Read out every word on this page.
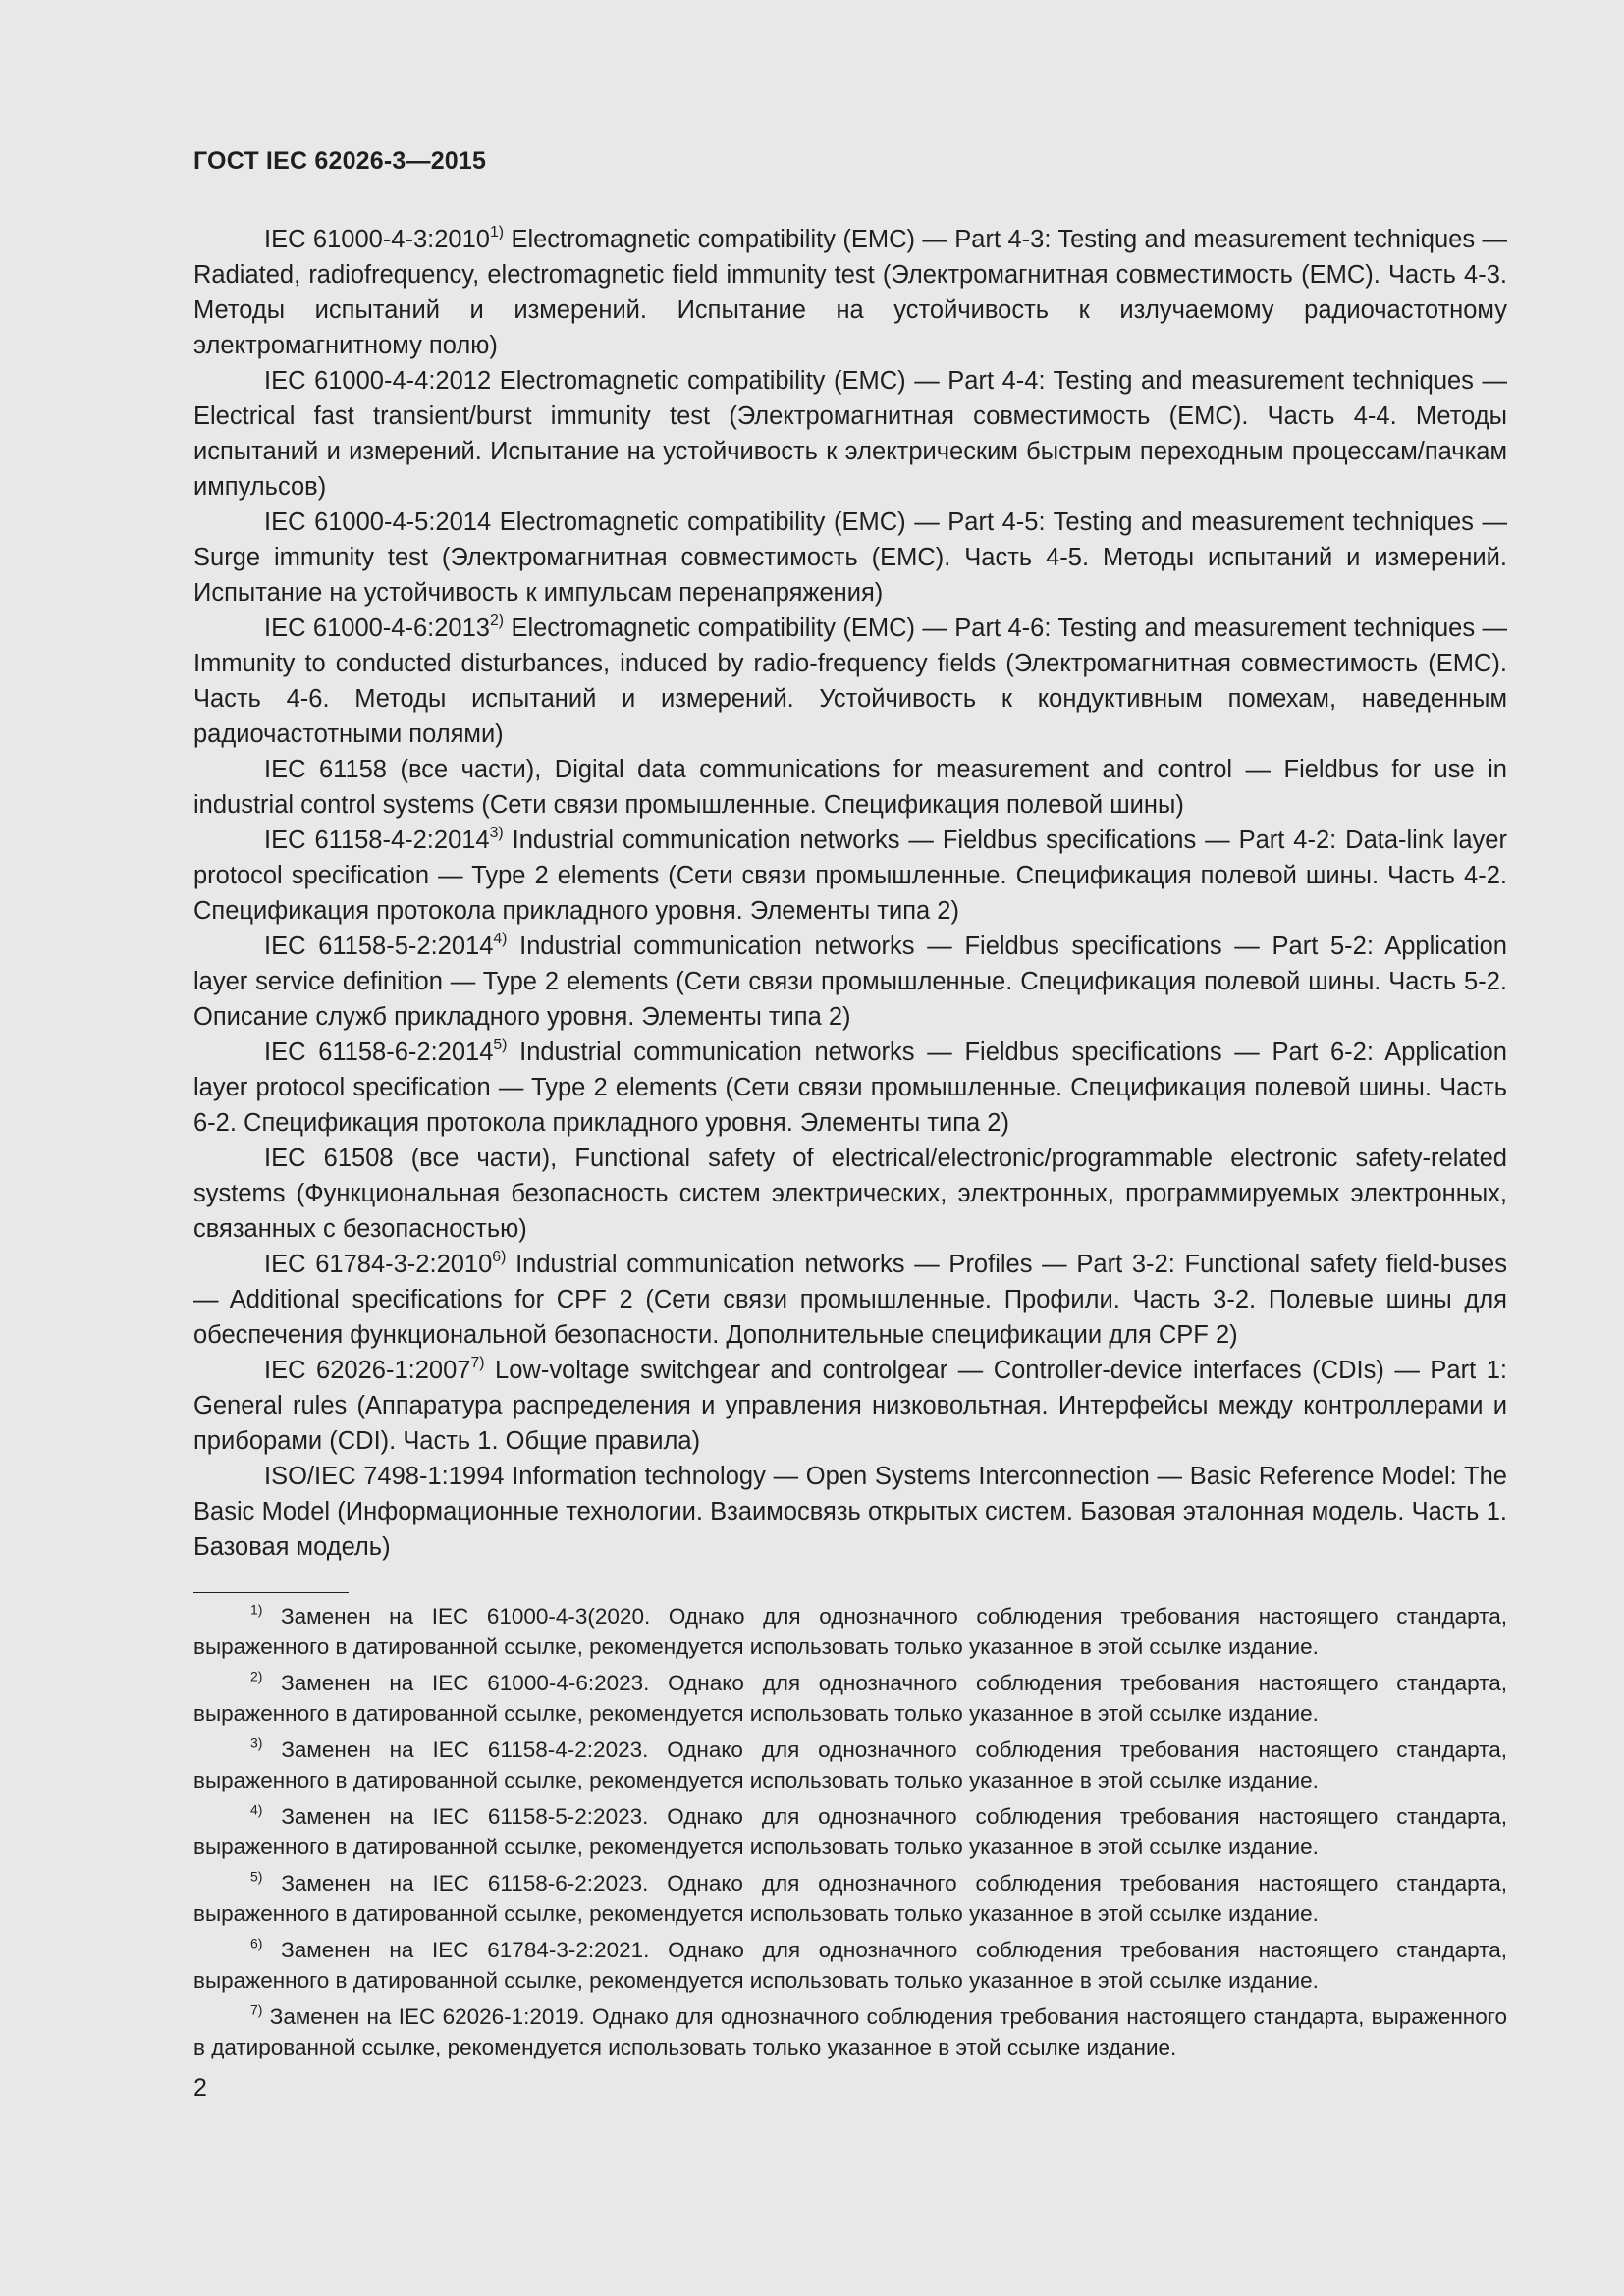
ГОСТ IEC 62026-3—2015

IEC 61000-4-3:2010$^{1)}$ Electromagnetic compatibility (EMC) — Part 4-3: Testing and measurement techniques — Radiated, radiofrequency, electromagnetic field immunity test (Электромагнитная совместимость (ЕМС). Часть 4-3. Методы испытаний и измерений. Испытание на устойчивость к излучаемому радиочастотному электромагнитному полю)

IEC 61000-4-4:2012 Electromagnetic compatibility (EMC) — Part 4-4: Testing and measurement techniques — Electrical fast transient/burst immunity test (Электромагнитная совместимость (ЕМС). Часть 4-4. Методы испытаний и измерений. Испытание на устойчивость к электрическим быстрым переходным процессам/пачкам импульсов)

IEC 61000-4-5:2014 Electromagnetic compatibility (EMC) — Part 4-5: Testing and measurement techniques — Surge immunity test (Электромагнитная совместимость (ЕМС). Часть 4-5. Методы испытаний и измерений. Испытание на устойчивость к импульсам перенапряжения)

IEC 61000-4-6:2013$^{2)}$ Electromagnetic compatibility (EMC) — Part 4-6: Testing and measurement techniques — Immunity to conducted disturbances, induced by radio-frequency fields (Электромагнитная совместимость (ЕМС). Часть 4-6. Методы испытаний и измерений. Устойчивость к кондуктивным помехам, наведенным радиочастотными полями)

IEC 61158 (все части), Digital data communications for measurement and control — Fieldbus for use in industrial control systems (Сети связи промышленные. Спецификация полевой шины)

IEC 61158-4-2:2014$^{3)}$ Industrial communication networks — Fieldbus specifications — Part 4-2: Data-link layer protocol specification — Type 2 elements (Сети связи промышленные. Спецификация полевой шины. Часть 4-2. Спецификация протокола прикладного уровня. Элементы типа 2)

IEC 61158-5-2:2014$^{4)}$ Industrial communication networks — Fieldbus specifications — Part 5-2: Application layer service definition — Type 2 elements (Сети связи промышленные. Спецификация полевой шины. Часть 5-2. Описание служб прикладного уровня. Элементы типа 2)

IEC 61158-6-2:2014$^{5)}$ Industrial communication networks — Fieldbus specifications — Part 6-2: Application layer protocol specification — Type 2 elements (Сети связи промышленные. Спецификация полевой шины. Часть 6-2. Спецификация протокола прикладного уровня. Элементы типа 2)

IEC 61508 (все части), Functional safety of electrical/electronic/programmable electronic safety-related systems (Функциональная безопасность систем электрических, электронных, программируемых электронных, связанных с безопасностью)

IEC 61784-3-2:2010$^{6)}$ Industrial communication networks — Profiles — Part 3-2: Functional safety field-buses — Additional specifications for CPF 2 (Сети связи промышленные. Профили. Часть 3-2. Полевые шины для обеспечения функциональной безопасности. Дополнительные спецификации для CPF 2)

IEC 62026-1:2007$^{7)}$ Low-voltage switchgear and controlgear — Controller-device interfaces (CDIs) — Part 1: General rules (Аппаратура распределения и управления низковольтная. Интерфейсы между контроллерами и приборами (CDI). Часть 1. Общие правила)

ISO/IEC 7498-1:1994 Information technology — Open Systems Interconnection — Basic Reference Model: The Basic Model (Информационные технологии. Взаимосвязь открытых систем. Базовая эталонная модель. Часть 1. Базовая модель)

$^{1)}$ Заменен на IEC 61000-4-3(2020. Однако для однозначного соблюдения требования настоящего стандарта, выраженного в датированной ссылке, рекомендуется использовать только указанное в этой ссылке издание.

$^{2)}$ Заменен на IEC 61000-4-6:2023. Однако для однозначного соблюдения требования настоящего стандарта, выраженного в датированной ссылке, рекомендуется использовать только указанное в этой ссылке издание.

$^{3)}$ Заменен на IEC 61158-4-2:2023. Однако для однозначного соблюдения требования настоящего стандарта, выраженного в датированной ссылке, рекомендуется использовать только указанное в этой ссылке издание.

$^{4)}$ Заменен на IEC 61158-5-2:2023. Однако для однозначного соблюдения требования настоящего стандарта, выраженного в датированной ссылке, рекомендуется использовать только указанное в этой ссылке издание.

$^{5)}$ Заменен на IEC 61158-6-2:2023. Однако для однозначного соблюдения требования настоящего стандарта, выраженного в датированной ссылке, рекомендуется использовать только указанное в этой ссылке издание.

$^{6)}$ Заменен на IEC 61784-3-2:2021. Однако для однозначного соблюдения требования настоящего стандарта, выраженного в датированной ссылке, рекомендуется использовать только указанное в этой ссылке издание.

$^{7)}$ Заменен на IEC 62026-1:2019. Однако для однозначного соблюдения требования настоящего стандарта, выраженного в датированной ссылке, рекомендуется использовать только указанное в этой ссылке издание.

2
